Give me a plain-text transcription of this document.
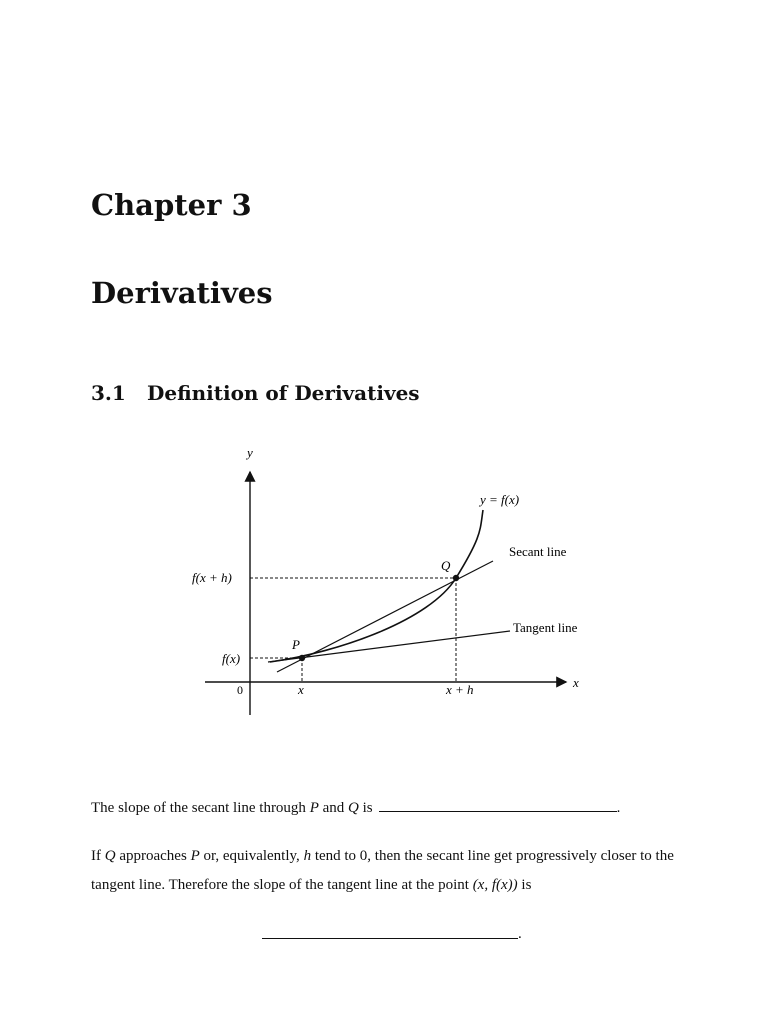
Chapter 3
Derivatives
3.1 Definition of Derivatives
y
x
0
P
Q
y = f(x)
Secant line
Tangent line
f(x + h)
f(x)
x	x + h

The slope of the secant line through P and Q is	.

If Q approaches P or, equivalently, h tend to 0, then the secant line get progressively closer to the tangent line. Therefore the slope of the tangent line at the point (x, f(x)) is

.
